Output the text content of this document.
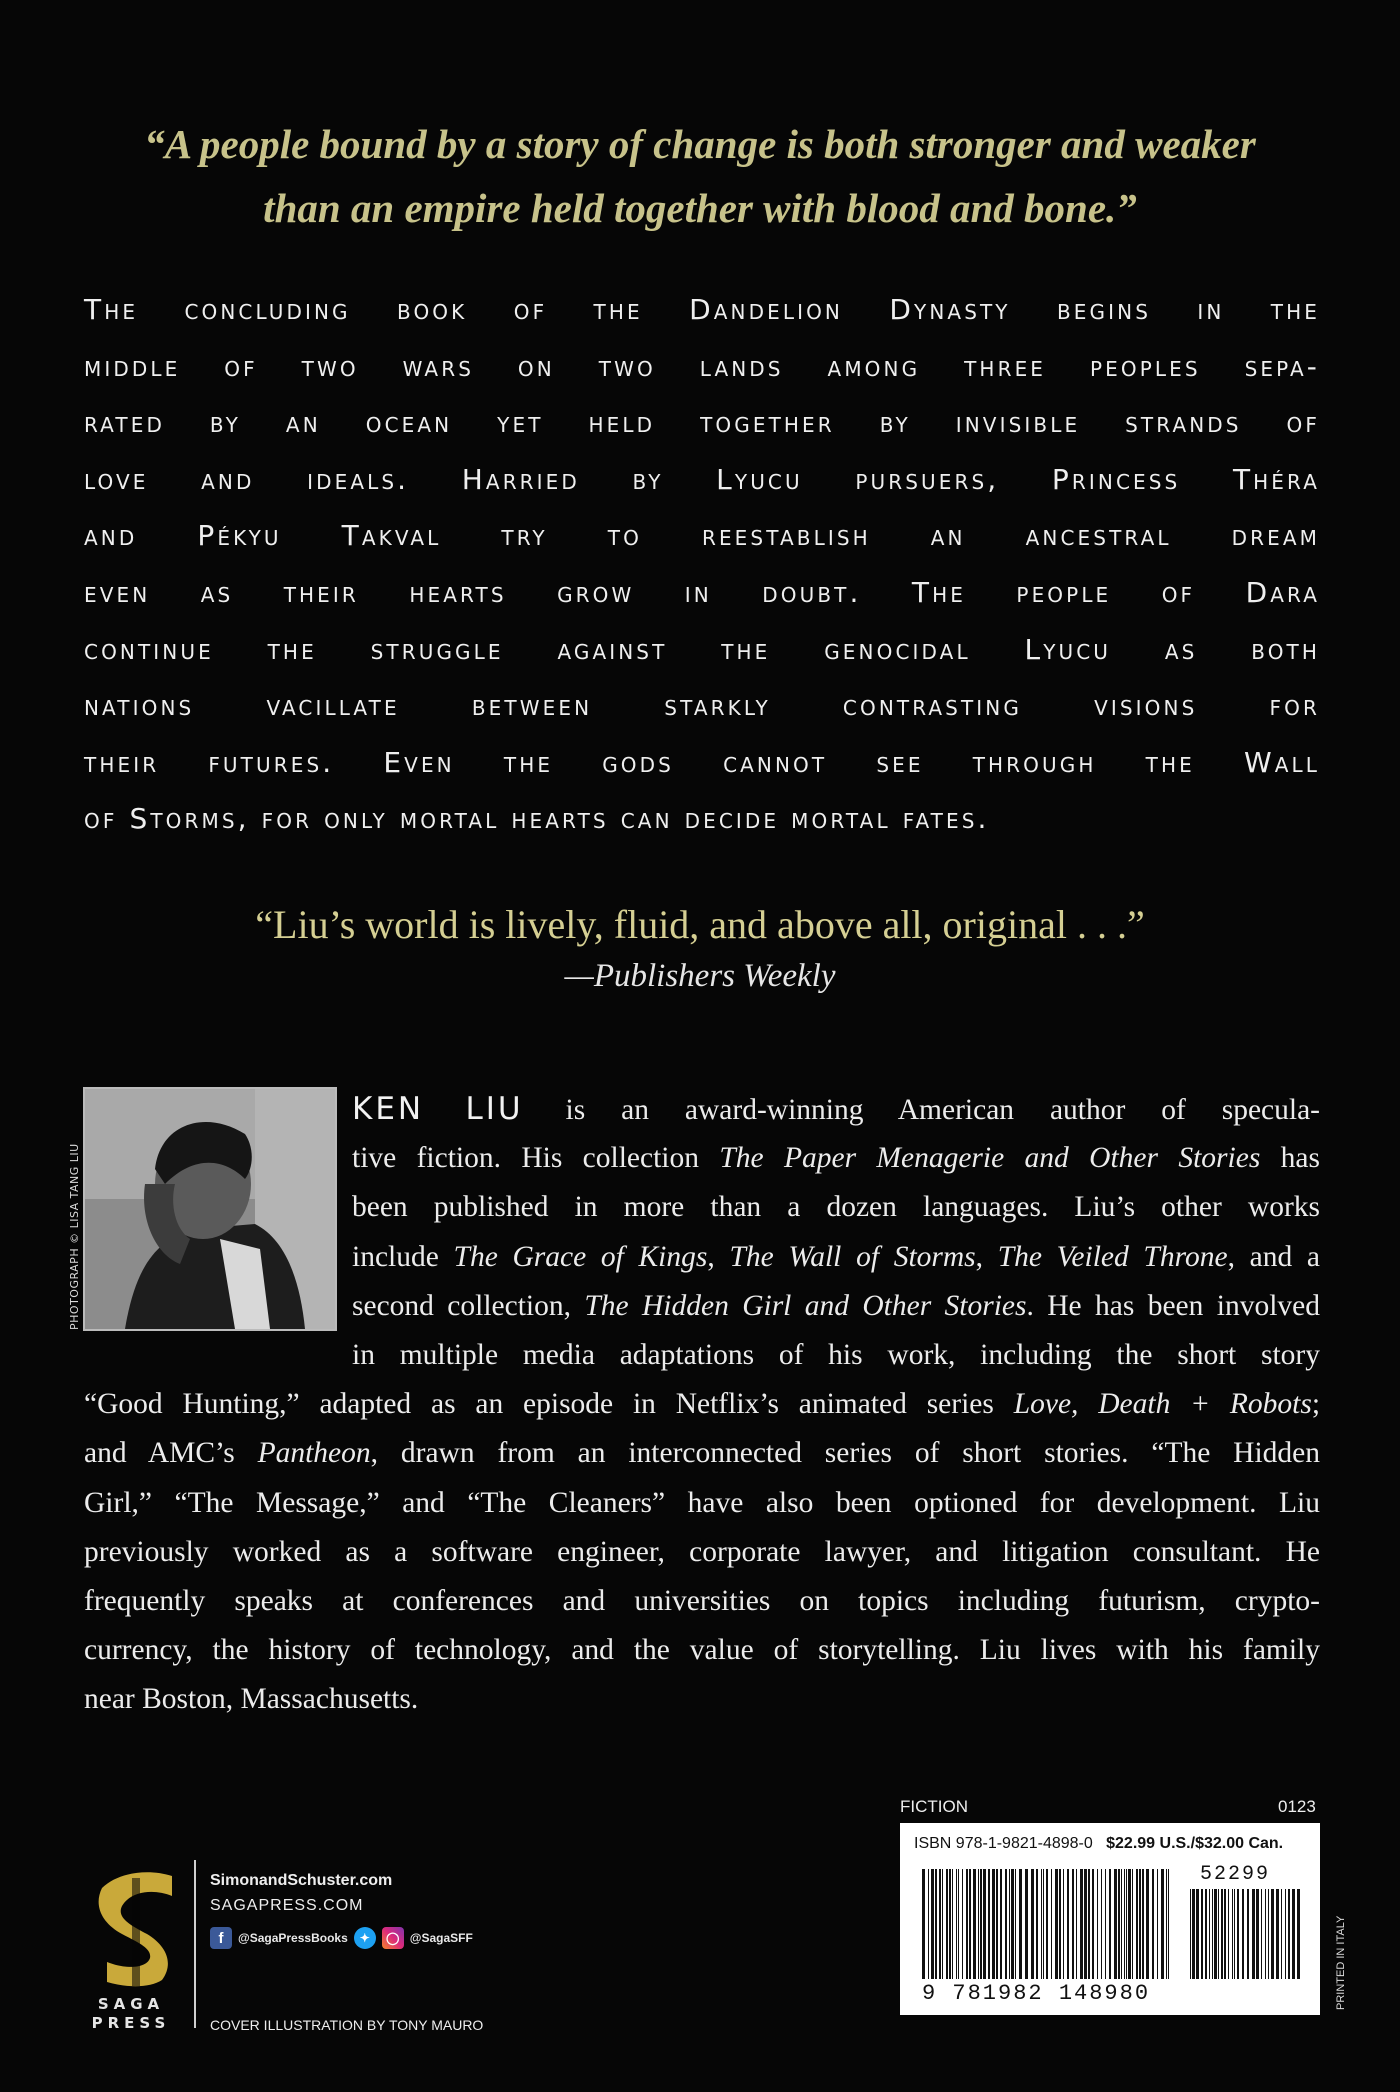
“A people bound by a story of change is both stronger and weaker
than an empire held together with blood and bone.”
The concluding book of the Dandelion Dynasty begins in the
middle of two wars on two lands among three peoples sepa-
rated by an ocean yet held together by invisible strands of
love and ideals. Harried by Lyucu pursuers, Princess Théra
and Pékyu Takval try to reestablish an ancestral dream
even as their hearts grow in doubt. The people of Dara
continue the struggle against the genocidal Lyucu as both
nations vacillate between starkly contrasting visions for
their futures. Even the gods cannot see through the Wall
of Storms, for only mortal hearts can decide mortal fates.
“Liu’s world is lively, fluid, and above all, original . . .”
—Publishers Weekly
PHOTOGRAPH © LISA TANG LIU
KEN LIU is an award-winning American author of specula-
tive fiction. His collection The Paper Menagerie and Other Stories has
been published in more than a dozen languages. Liu’s other works
include The Grace of Kings, The Wall of Storms, The Veiled Throne, and a
second collection, The Hidden Girl and Other Stories. He has been involved
in multiple media adaptations of his work, including the short story
“Good Hunting,” adapted as an episode in Netflix’s animated series Love, Death + Robots;
and AMC’s Pantheon, drawn from an interconnected series of short stories. “The Hidden
Girl,” “The Message,” and “The Cleaners” have also been optioned for development. Liu
previously worked as a software engineer, corporate lawyer, and litigation consultant. He
frequently speaks at conferences and universities on topics including futurism, crypto-
currency, the history of technology, and the value of storytelling. Liu lives with his family
near Boston, Massachusetts.
SAGA
PRESS
SimonandSchuster.com
SAGAPRESS.COM
f	@SagaPressBooks ✦	◯ @SagaSFF
COVER ILLUSTRATION BY TONY MAURO
FICTION	0123
ISBN 978-1-9821-4898-0 $22.99 U.S./$32.00 Can.
52299
9 781982 148980	PRINTED IN ITALY
